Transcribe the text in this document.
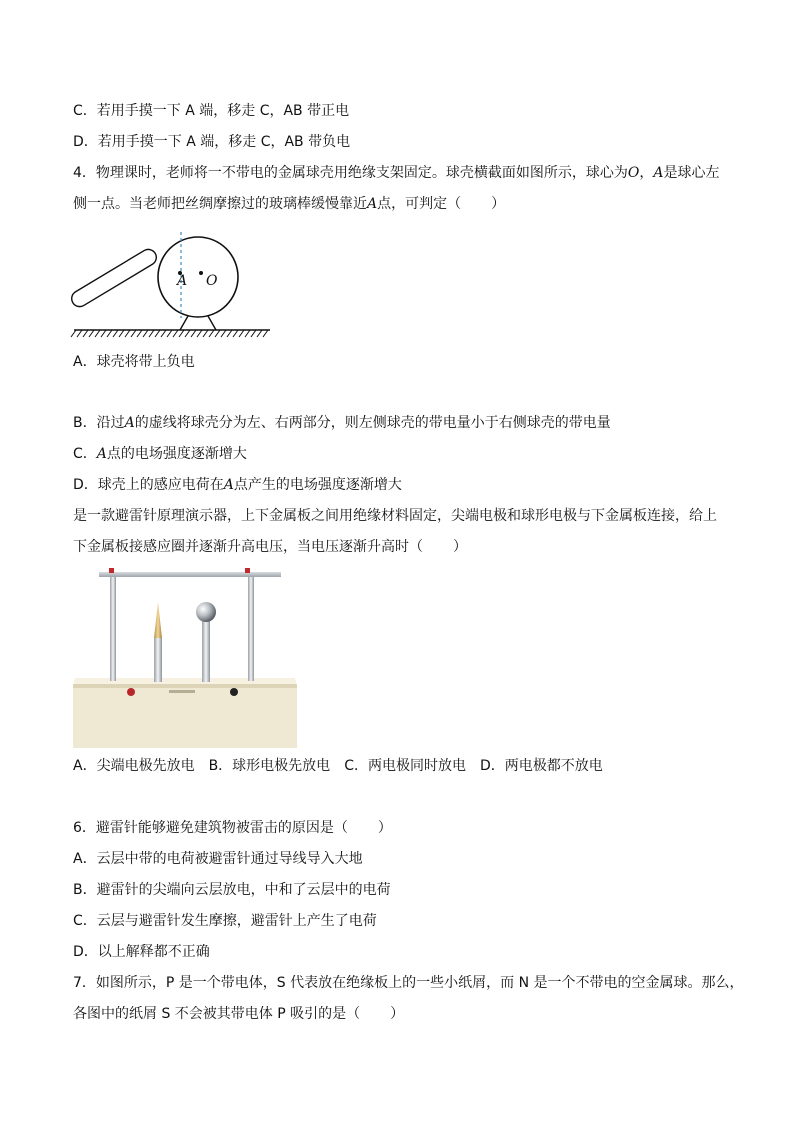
C．若用手摸一下 A 端，移走 C，AB 带正电
D．若用手摸一下 A 端，移走 C，AB 带负电
4．物理课时，老师将一不带电的金属球壳用绝缘支架固定。球壳横截面如图所示，球心为O，A是球心左
侧一点。当老师把丝绸摩擦过的玻璃棒缓慢靠近A点，可判定（ ）
A O
A．球壳将带上负电
B．沿过A的虚线将球壳分为左、右两部分，则左侧球壳的带电量小于右侧球壳的带电量
C．A点的电场强度逐渐增大
D．球壳上的感应电荷在A点产生的电场强度逐渐增大
是一款避雷针原理演示器，上下金属板之间用绝缘材料固定，尖端电极和球形电极与下金属板连接，给上
下金属板接感应圈并逐渐升高电压，当电压逐渐升高时（ ）
A．尖端电极先放电 B．球形电极先放电 C．两电极同时放电 D．两电极都不放电
6．避雷针能够避免建筑物被雷击的原因是（ ）
A．云层中带的电荷被避雷针通过导线导入大地
B．避雷针的尖端向云层放电，中和了云层中的电荷
C．云层与避雷针发生摩擦，避雷针上产生了电荷
D．以上解释都不正确
7．如图所示，P 是一个带电体，S 代表放在绝缘板上的一些小纸屑，而 N 是一个不带电的空金属球。那么，
各图中的纸屑 S 不会被其带电体 P 吸引的是（ ）
